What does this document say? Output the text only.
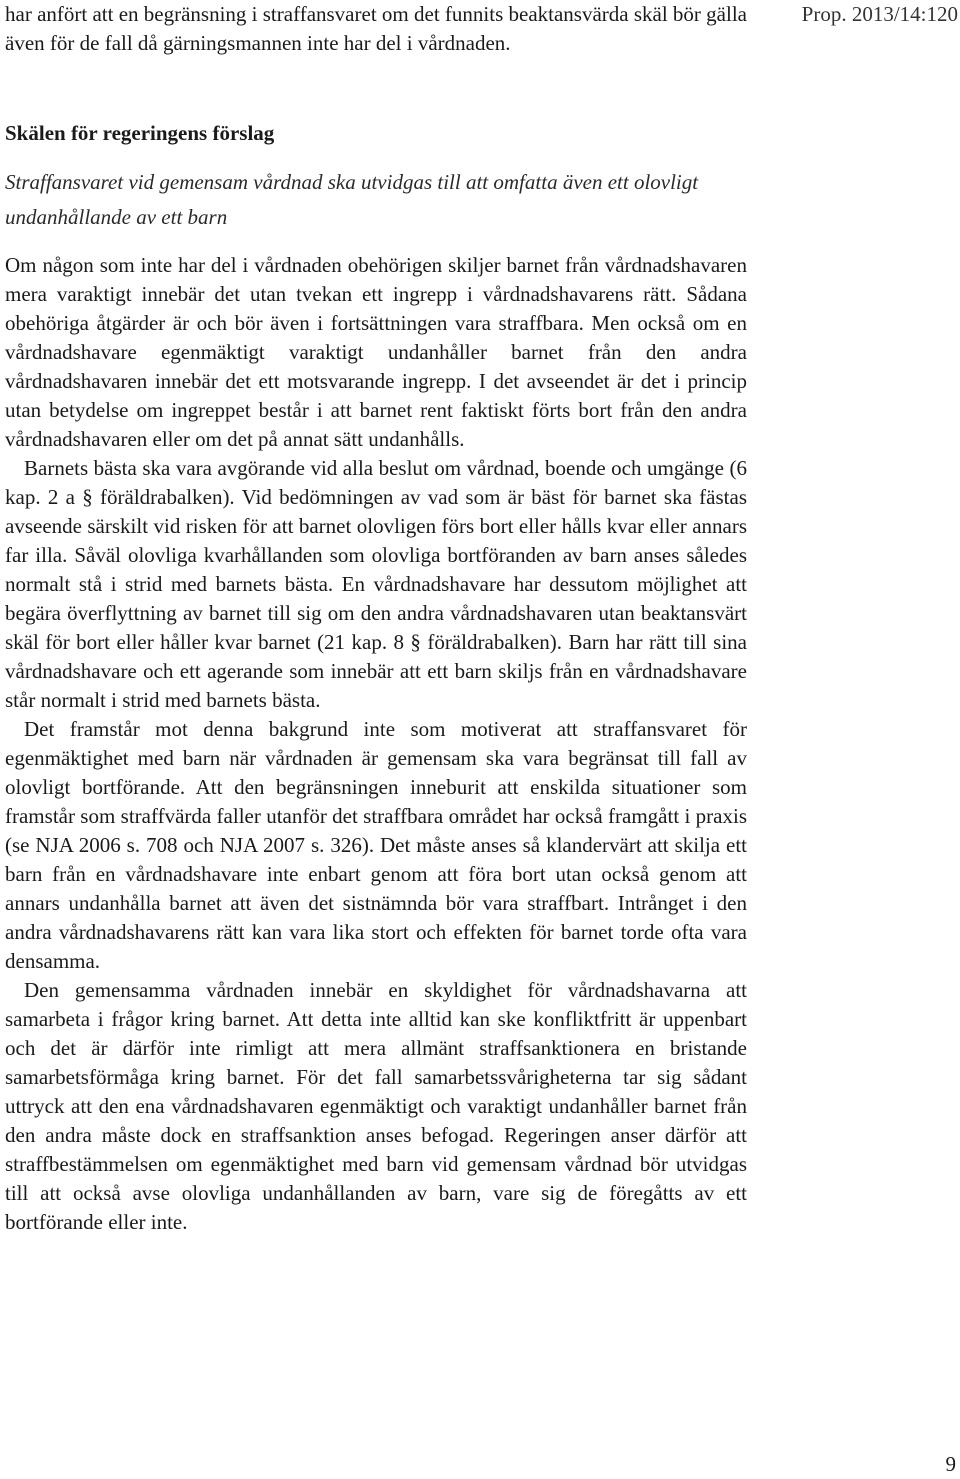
Prop. 2013/14:120

har anfört att en begränsning i straffansvaret om det funnits beaktansvärda skäl bör gälla även för de fall då gärningsmannen inte har del i vårdnaden.

Skälen för regeringens förslag

Straffansvaret vid gemensam vårdnad ska utvidgas till att omfatta även ett olovligt undanhållande av ett barn

Om någon som inte har del i vårdnaden obehörigen skiljer barnet från vårdnadshavaren mera varaktigt innebär det utan tvekan ett ingrepp i vårdnadshavarens rätt. Sådana obehöriga åtgärder är och bör även i fortsättningen vara straffbara. Men också om en vårdnadshavare egenmäktigt varaktigt undanhåller barnet från den andra vårdnadshavaren innebär det ett motsvarande ingrepp. I det avseendet är det i princip utan betydelse om ingreppet består i att barnet rent faktiskt förts bort från den andra vårdnadshavaren eller om det på annat sätt undanhålls.

Barnets bästa ska vara avgörande vid alla beslut om vårdnad, boende och umgänge (6 kap. 2 a § föräldrabalken). Vid bedömningen av vad som är bäst för barnet ska fästas avseende särskilt vid risken för att barnet olovligen förs bort eller hålls kvar eller annars far illa. Såväl olovliga kvarhållanden som olovliga bortföranden av barn anses således normalt stå i strid med barnets bästa. En vårdnadshavare har dessutom möjlighet att begära överflyttning av barnet till sig om den andra vårdnadshavaren utan beaktansvärt skäl för bort eller håller kvar barnet (21 kap. 8 § föräldrabalken). Barn har rätt till sina vårdnadshavare och ett agerande som innebär att ett barn skiljs från en vårdnadshavare står normalt i strid med barnets bästa.

Det framstår mot denna bakgrund inte som motiverat att straffansvaret för egenmäktighet med barn när vårdnaden är gemensam ska vara begränsat till fall av olovligt bortförande. Att den begränsningen inneburit att enskilda situationer som framstår som straffvärda faller utanför det straffbara området har också framgått i praxis (se NJA 2006 s. 708 och NJA 2007 s. 326). Det måste anses så klandervärt att skilja ett barn från en vårdnadshavare inte enbart genom att föra bort utan också genom att annars undanhålla barnet att även det sistnämnda bör vara straffbart. Intrånget i den andra vårdnadshavarens rätt kan vara lika stort och effekten för barnet torde ofta vara densamma.

Den gemensamma vårdnaden innebär en skyldighet för vårdnadshavarna att samarbeta i frågor kring barnet. Att detta inte alltid kan ske konfliktfritt är uppenbart och det är därför inte rimligt att mera allmänt straffsanktionera en bristande samarbetsförmåga kring barnet. För det fall samarbetssvårigheterna tar sig sådant uttryck att den ena vårdnadshavaren egenmäktigt och varaktigt undanhåller barnet från den andra måste dock en straffsanktion anses befogad. Regeringen anser därför att straffbestämmelsen om egenmäktighet med barn vid gemensam vårdnad bör utvidgas till att också avse olovliga undanhållanden av barn, vare sig de föregåtts av ett bortförande eller inte.

9
